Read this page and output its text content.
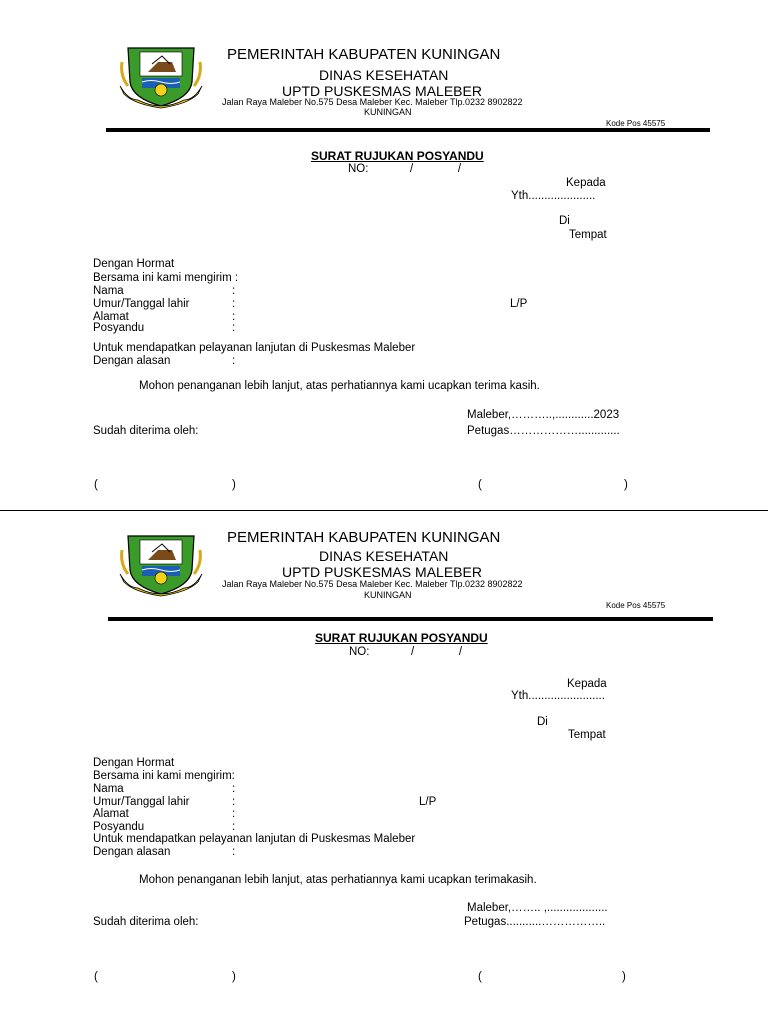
PEMERINTAH KABUPATEN KUNINGAN
DINAS KESEHATAN
UPTD PUSKESMAS MALEBER
Jalan Raya Maleber No.575 Desa Maleber Kec. Maleber Tlp.0232 8902822
KUNINGAN
Kode Pos 45575
SURAT RUJUKAN POSYANDU
NO:             /              /
Kepada
Yth.....................
Di
Tempat
Dengan Hormat
Bersama ini kami mengirim :
Nama	:
Umur/Tanggal lahir	:	L/P
Alamat	:
Posyandu	:
Untuk mendapatkan pelayanan lanjutan di Puskesmas Maleber
Dengan alasan	:
Mohon penanganan lebih lanjut, atas perhatiannya kami ucapkan terima kasih.
Maleber,………..,............2023
Sudah diterima oleh:	Petugas……………….............
(	)	(	)
PEMERINTAH KABUPATEN KUNINGAN
DINAS KESEHATAN
UPTD PUSKESMAS MALEBER
Jalan Raya Maleber No.575 Desa Maleber Kec. Maleber Tlp.0232 8902822
KUNINGAN
Kode Pos 45575
SURAT RUJUKAN POSYANDU
NO:             /              /
Kepada
Yth........................
Di
Tempat
Dengan Hormat
Bersama ini kami mengirim:
Nama	:
Umur/Tanggal lahir	:	L/P
Alamat	:
Posyandu	:
Untuk mendapatkan pelayanan lanjutan di Puskesmas Maleber
Dengan alasan	:
Mohon penanganan lebih lanjut, atas perhatiannya kami ucapkan terimakasih.
Maleber,…….. ,...................
Sudah diterima oleh:	Petugas...........……………..
(	)	(	)
